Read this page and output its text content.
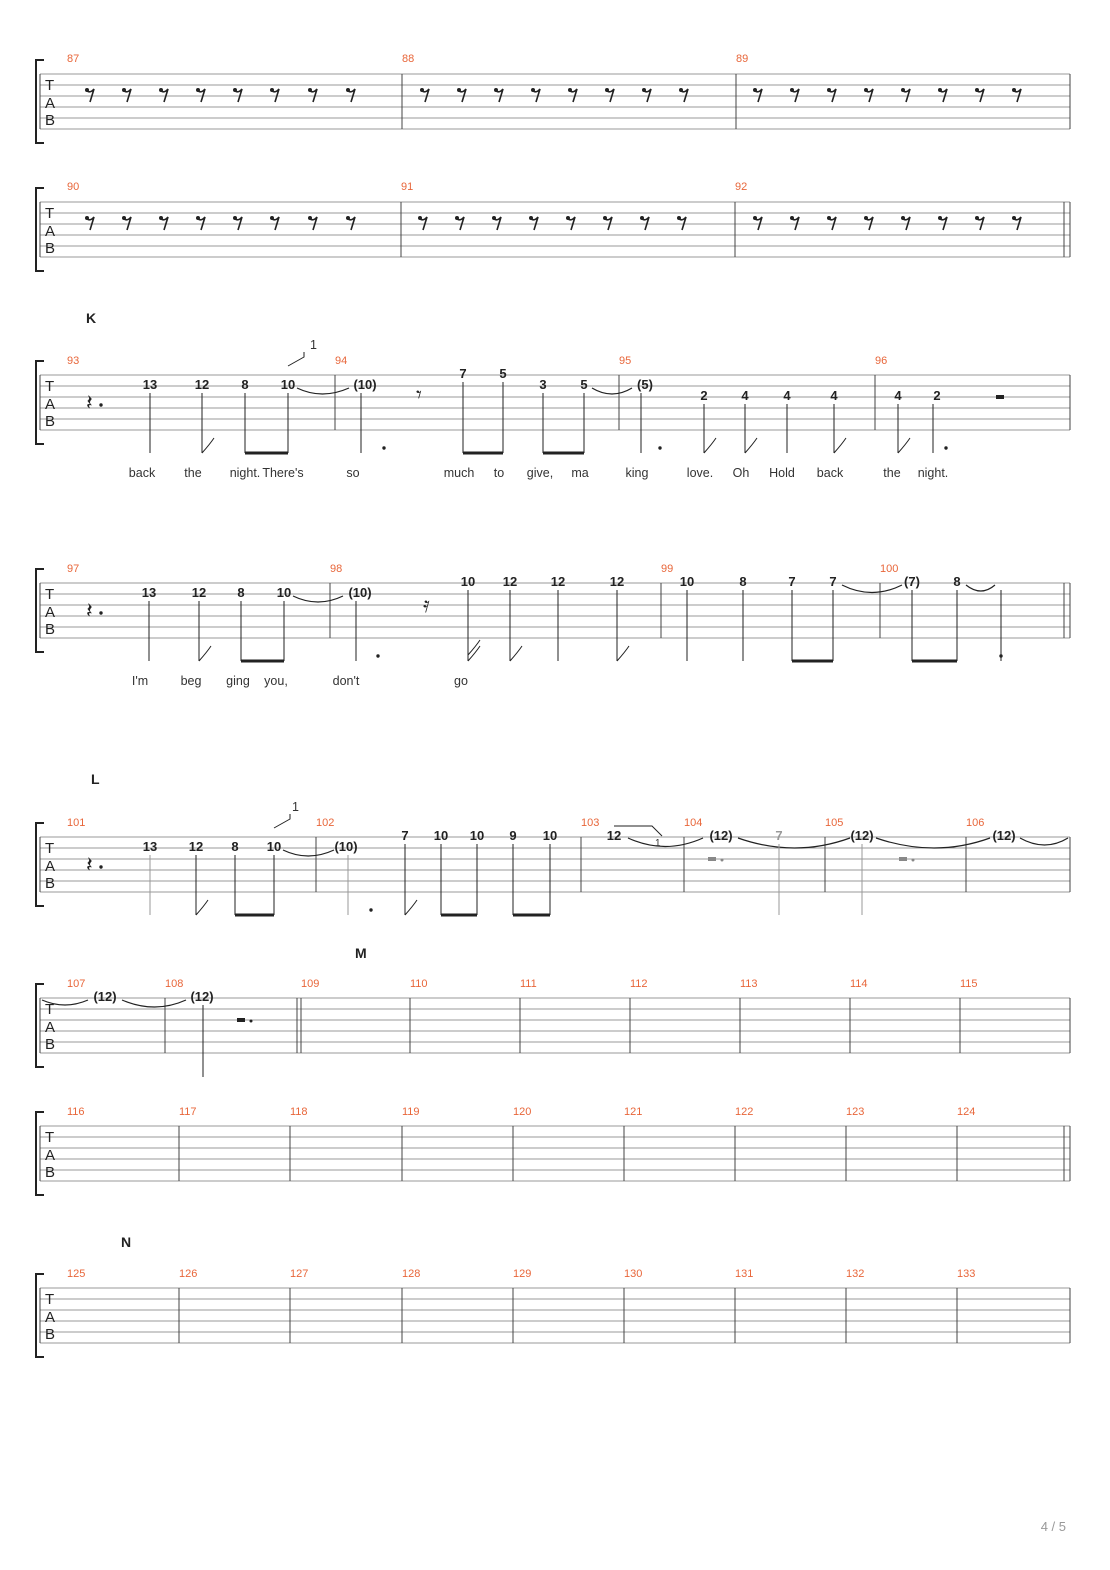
T
A
B
87	88	89
T
A
B
90	91	92
K
T
A
B
93	94	95	96
1
𝄽	𝄾
13	12 8 10	(10)
7	5
3	5	(5)
2	4	4	4	4 2
back the night. There's	so	much to give, ma	king	love. Oh Hold back	the night.
T
A
B
97	98	99	100
𝄽	𝄿
13	12 8 10	(10)
10 12	12	12	10	8	7	7	(7)	8
I'm	beg ging you,	don't	go
L
T
A
B
101	102	103	104	105	106
1
𝄽
13 12 8 10	(10)
7 10 10 9 10	12	(12)	7	(12)	(12)
1
M
T
A
B
107	108	109	110	111	112	113	114	115
(12)	(12)
T
A
B
116	117	118	119	120	121	122	123	124
N
T
A
B
125	126	127	128	129	130	131	132	133
4 / 5
